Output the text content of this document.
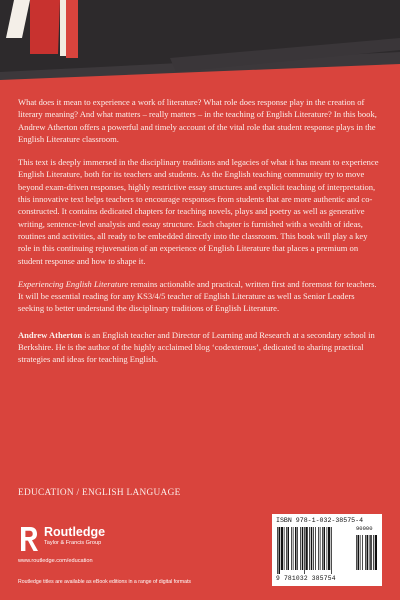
What does it mean to experience a work of literature? What role does response play in the creation of literary meaning? And what matters – really matters – in the teaching of English Literature? In this book, Andrew Atherton offers a powerful and timely account of the vital role that student response plays in the English Literature classroom.

This text is deeply immersed in the disciplinary traditions and legacies of what it has meant to experience English Literature, both for its teachers and students. As the English teaching community try to move beyond exam-driven responses, highly restrictive essay structures and explicit teaching of interpretation, this innovative text helps teachers to encourage responses from students that are more authentic and co-constructed. It contains dedicated chapters for teaching novels, plays and poetry as well as generative writing, sentence-level analysis and essay structure. Each chapter is furnished with a wealth of ideas, routines and activities, all ready to be embedded directly into the classroom. This book will play a key role in this continuing rejuvenation of an experience of English Literature that places a premium on student response and how to shape it.

Experiencing English Literature remains actionable and practical, written first and foremost for teachers. It will be essential reading for any KS3/4/5 teacher of English Literature as well as Senior Leaders seeking to better understand the disciplinary traditions of English Literature.

Andrew Atherton is an English teacher and Director of Learning and Research at a secondary school in Berkshire. He is the author of the highly acclaimed blog ‘codexterous’, dedicated to sharing practical strategies and ideas for teaching English.

EDUCATION / ENGLISH LANGUAGE
Routledge
Taylor & Francis Group
www.routledge.com/education
Routledge titles are available as eBook editions in a range of digital formats
ISBN 978-1-032-38575-4
90000
9 781032 385754
